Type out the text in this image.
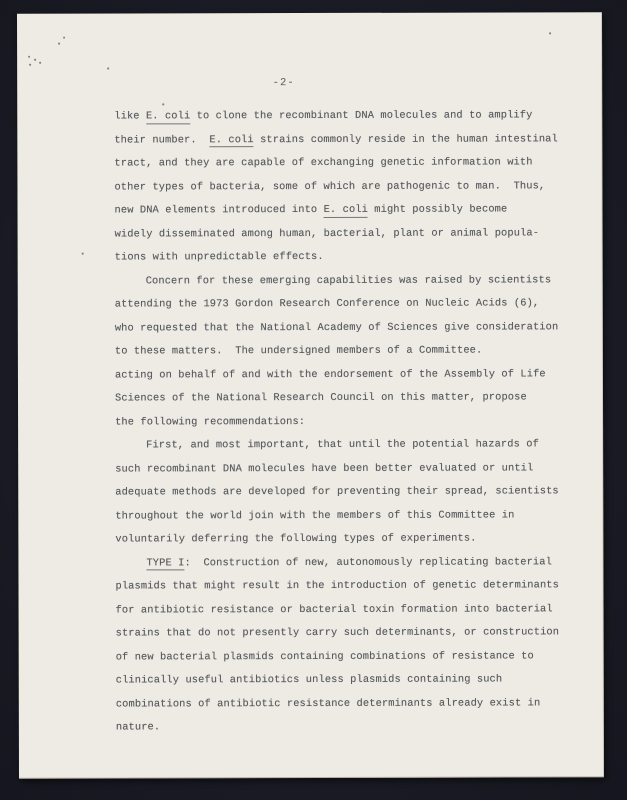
-2-
like E. coli to clone the recombinant DNA molecules and to amplify
their number.  E. coli strains commonly reside in the human intestinal
tract, and they are capable of exchanging genetic information with
other types of bacteria, some of which are pathogenic to man.  Thus,
new DNA elements introduced into E. coli might possibly become
widely disseminated among human, bacterial, plant or animal popula-
tions with unpredictable effects.
Concern for these emerging capabilities was raised by scientists
attending the 1973 Gordon Research Conference on Nucleic Acids (6),
who requested that the National Academy of Sciences give consideration
to these matters.  The undersigned members of a Committee.
acting on behalf of and with the endorsement of the Assembly of Life
Sciences of the National Research Council on this matter, propose
the following recommendations:
First, and most important, that until the potential hazards of
such recombinant DNA molecules have been better evaluated or until
adequate methods are developed for preventing their spread, scientists
throughout the world join with the members of this Committee in
voluntarily deferring the following types of experiments.
TYPE I:  Construction of new, autonomously replicating bacterial
plasmids that might result in the introduction of genetic determinants
for antibiotic resistance or bacterial toxin formation into bacterial
strains that do not presently carry such determinants, or construction
of new bacterial plasmids containing combinations of resistance to
clinically useful antibiotics unless plasmids containing such
combinations of antibiotic resistance determinants already exist in
nature.
